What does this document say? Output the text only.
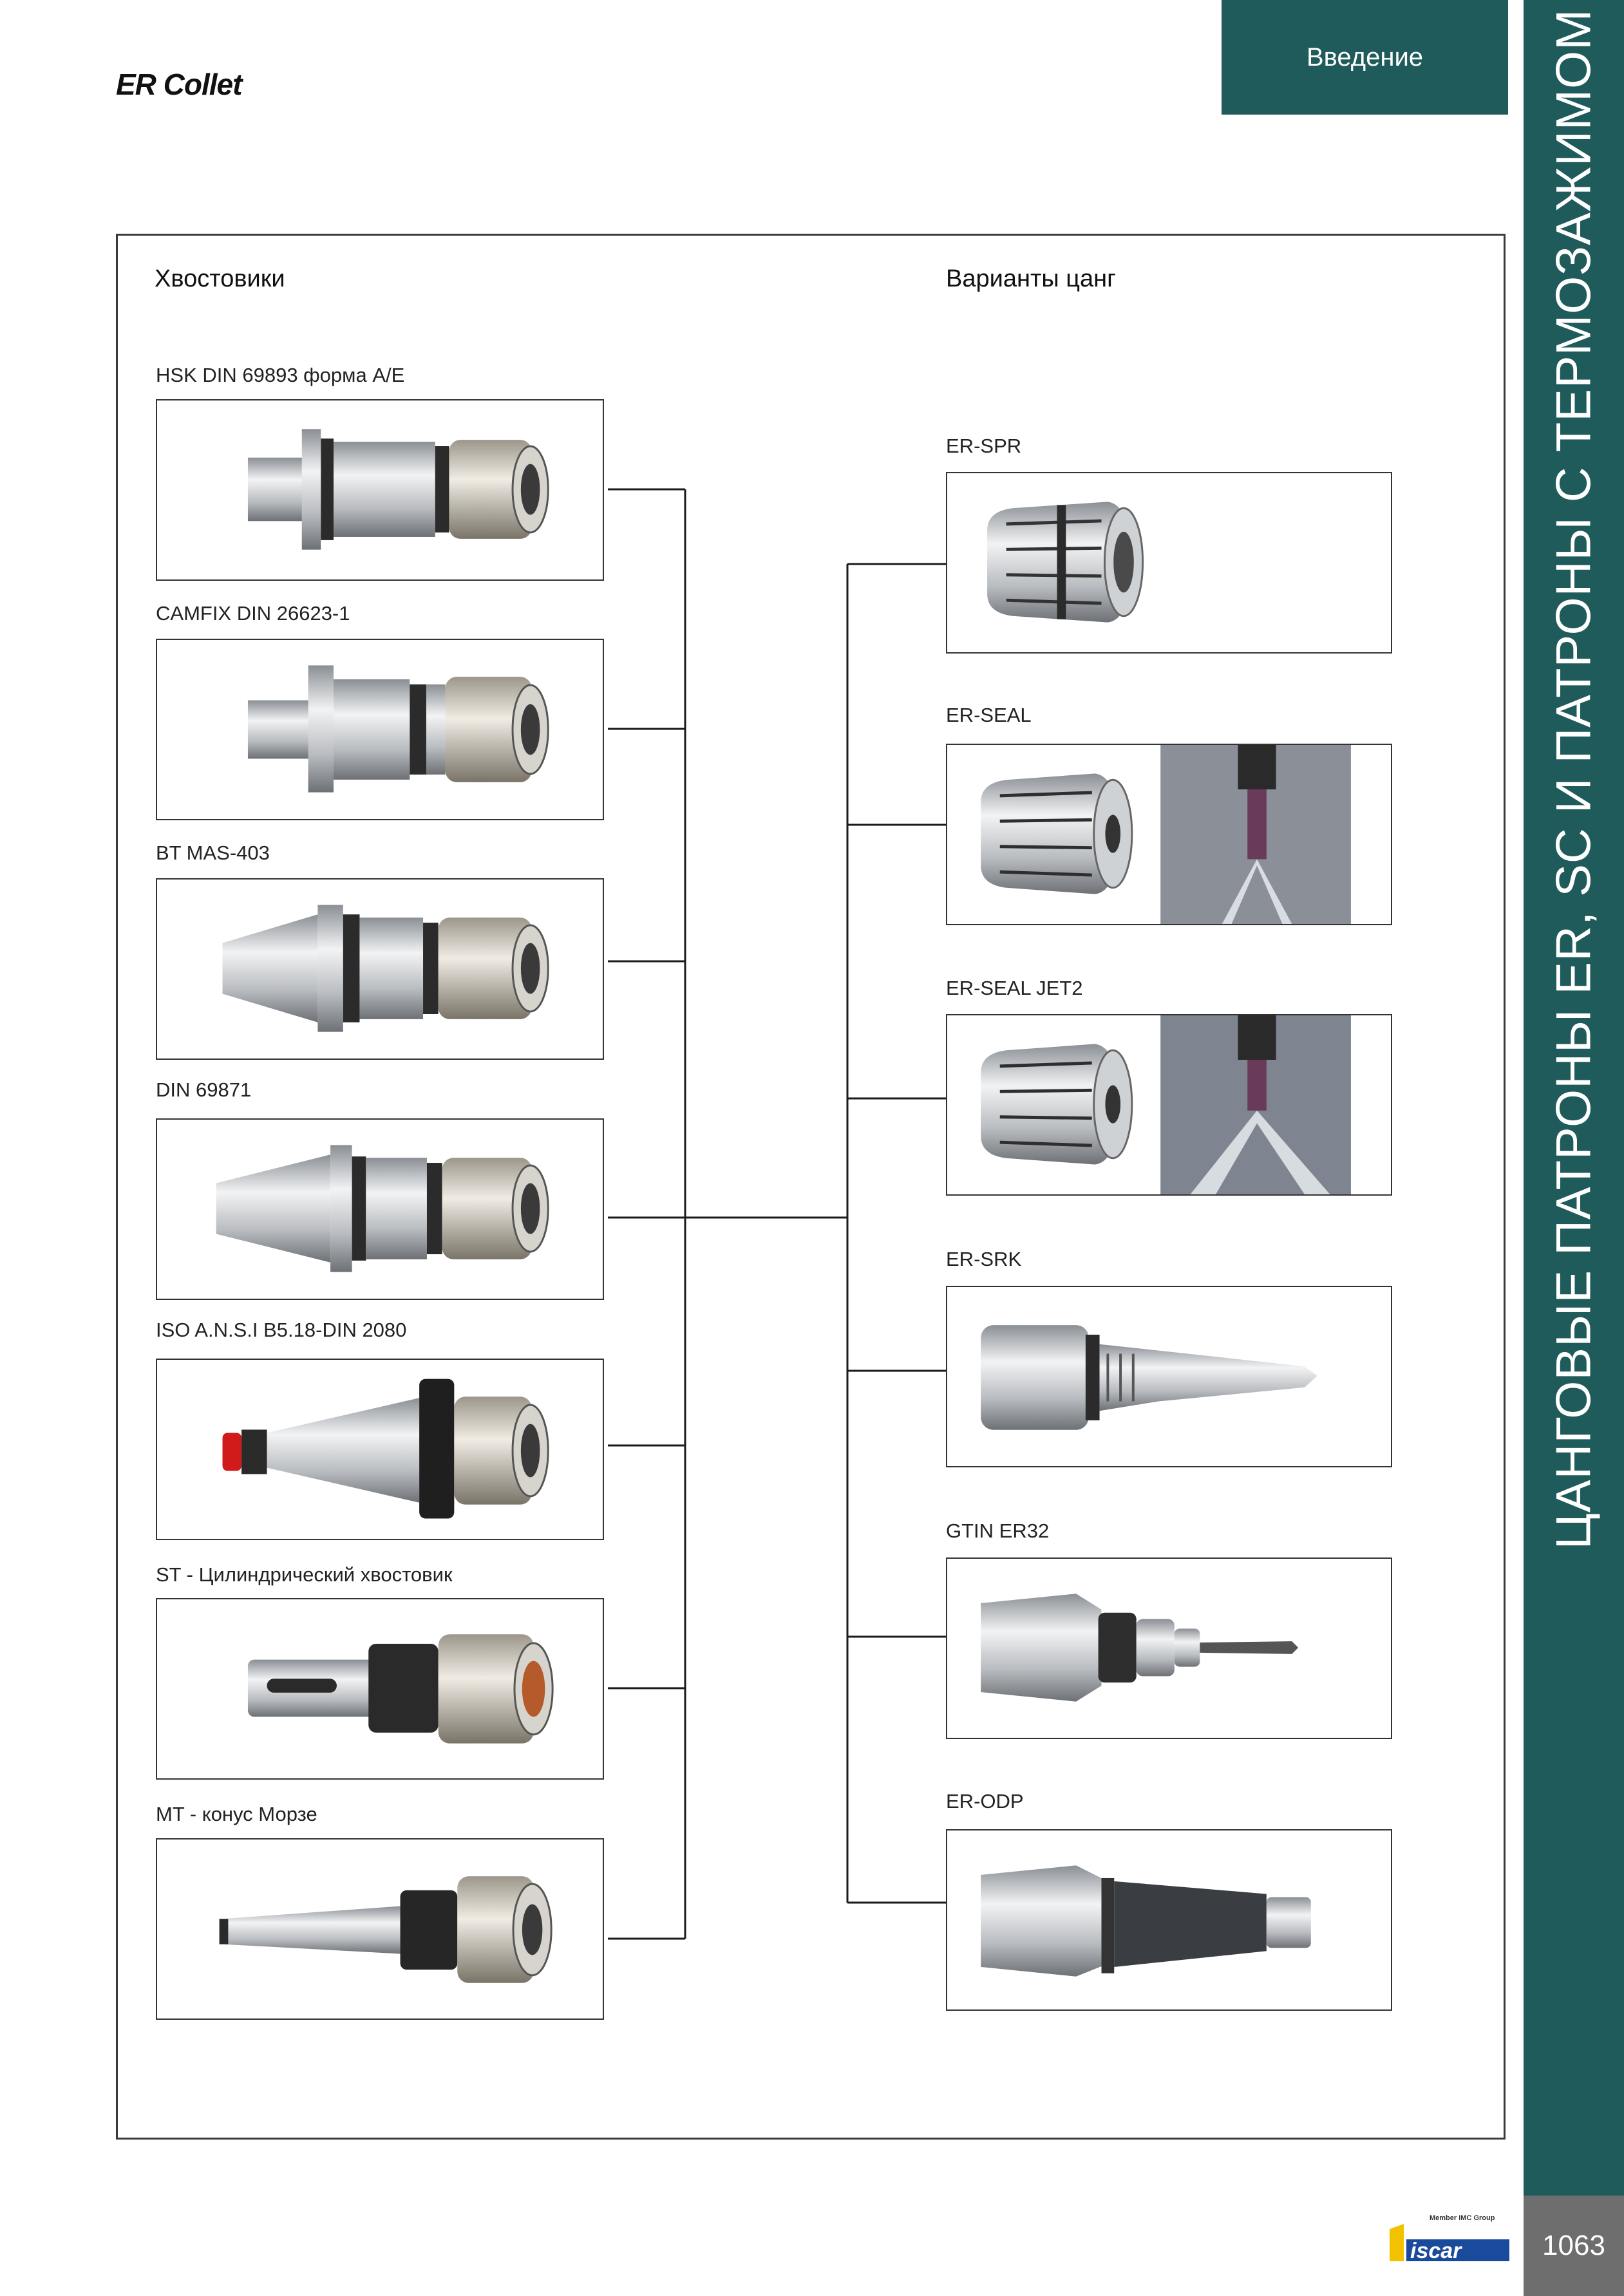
ER Collet
Введение	ЦАНГОВЫЕ ПАТРОНЫ ER, SC И ПАТРОНЫ С ТЕРМОЗАЖИМОМ
1063
Member IMC Group
iscar
Хвостовики	Варианты цанг
HSK DIN 69893 форма A/E
CAMFIX DIN 26623-1
BT MAS-403
DIN 69871
ISO A.N.S.I B5.18-DIN 2080
ST - Цилиндрический хвостовик
MT - конус Морзе
ER-SPR
ER-SEAL
ER-SEAL JET2
ER-SRK
GTIN ER32
ER-ODP
